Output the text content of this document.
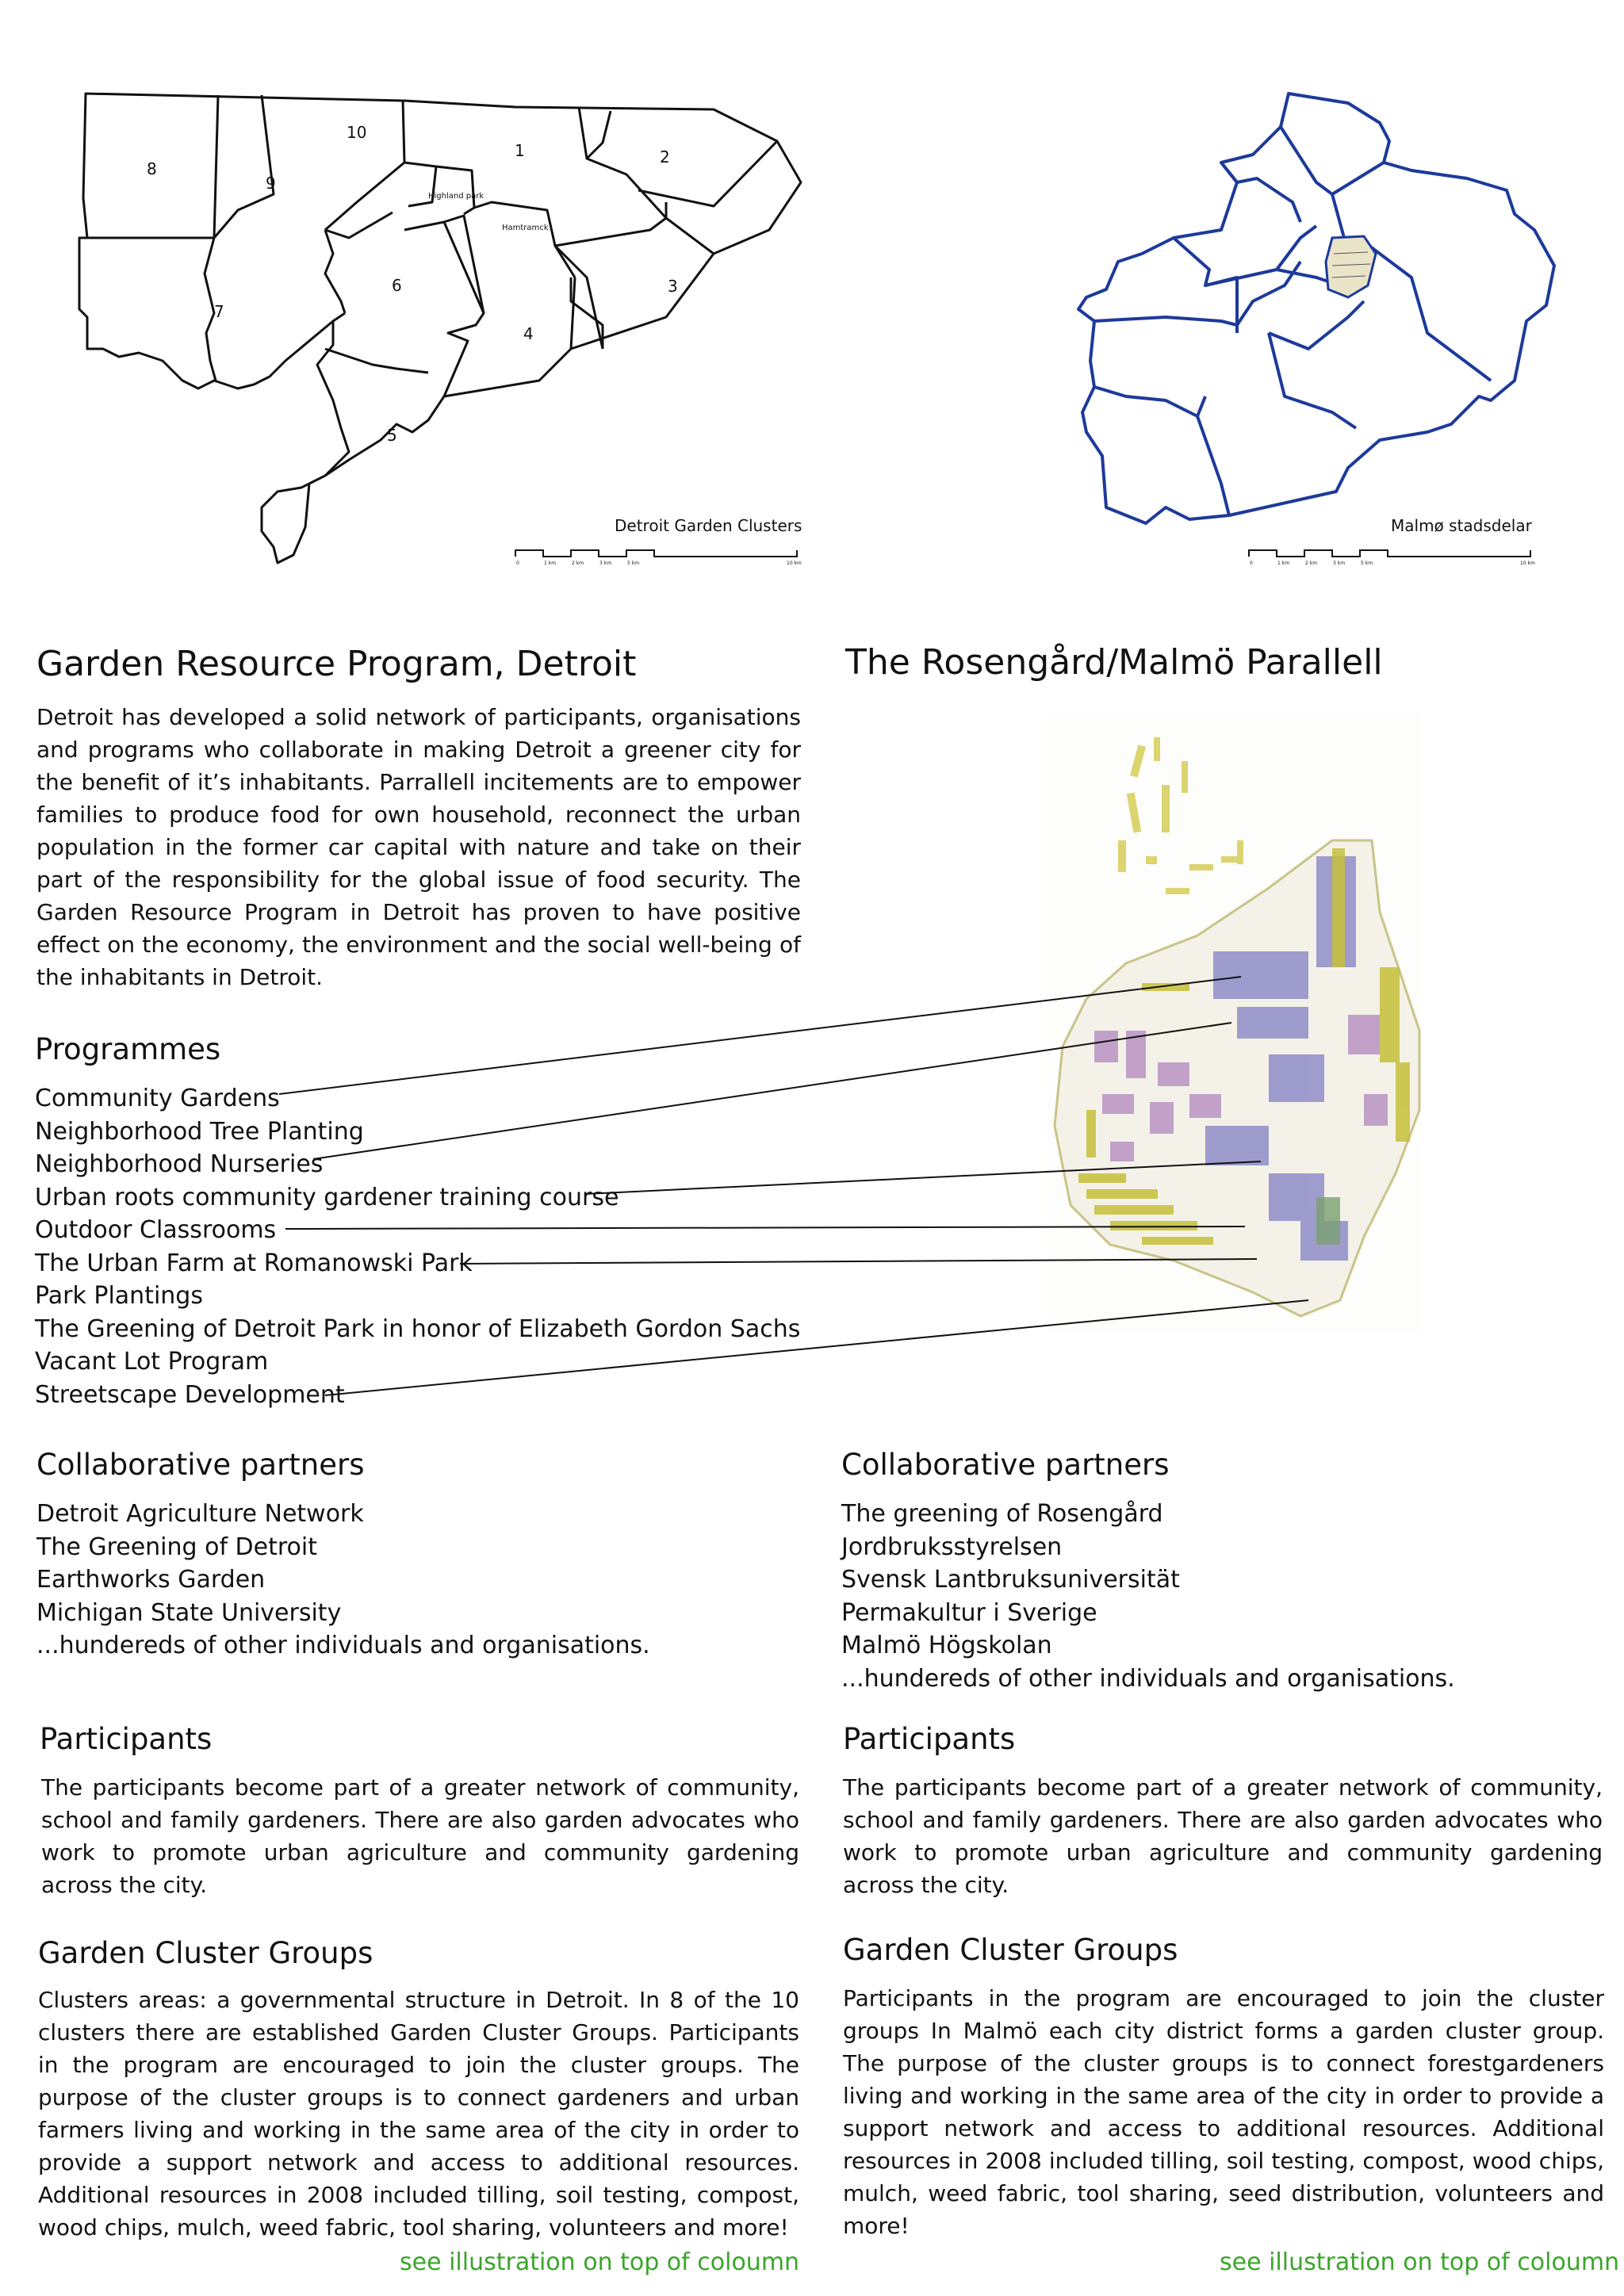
10
1	2
8
9
6	3
7
4
5
Highland park
Hamtramck
Detroit Garden Clusters
0	1 km	2 km	3 km	5 km	10 km
Malmø stadsdelar
0	1 km	2 km	3 km	5 km	10 km
Garden Resource Program, Detroit

Detroit has developed a solid network of participants, organisations and programs who collaborate in making Detroit a greener city for the benefit of it’s inhabitants. Parrallell incitements are to empower families to produce food for own household, reconnect the urban population in the former car capital with nature and take on their part of the responsibility for the global issue of food security. The Garden Resource Program in Detroit has proven to have positive effect on the economy, the environment and the social well-being of the inhabitants in Detroit.

Programmes
Community Gardens
Neighborhood Tree Planting
Neighborhood Nurseries
Urban roots community gardener training course
Outdoor Classrooms
The Urban Farm at Romanowski Park
Park Plantings
The Greening of Detroit Park in honor of Elizabeth Gordon Sachs
Vacant Lot Program
Streetscape Development
Collaborative partners
Detroit Agriculture Network
The Greening of Detroit
Earthworks Garden
Michigan State University
...hundereds of other individuals and organisations.
Participants

The participants become part of a greater network of community, school and family gardeners. There are also garden advocates who work to promote urban agriculture and community gardening across the city.

Garden Cluster Groups

Clusters areas: a governmental structure in Detroit. In 8 of the 10 clusters there are established Garden Cluster Groups. Participants in the program are encouraged to join the cluster groups. The purpose of the cluster groups is to connect gardeners and urban farmers living and working in the same area of the city in order to provide a support network and access to additional resources. Additional resources in 2008 included tilling, soil testing, compost, wood chips, mulch, weed fabric, tool sharing, volunteers and more!

see illustration on top of coloumn
The Rosengård/Malmö Parallell
Collaborative partners
The greening of Rosengård
Jordbruksstyrelsen
Svensk Lantbruksuniversität
Permakultur i Sverige
Malmö Högskolan
...hundereds of other individuals and organisations.
Participants

The participants become part of a greater network of community, school and family gardeners. There are also garden advocates who work to promote urban agriculture and community gardening across the city.

Garden Cluster Groups

Participants in the program are encouraged to join the cluster groups In Malmö each city district forms a garden cluster group. The purpose of the cluster groups is to connect forestgardeners living and working in the same area of the city in order to provide a support network and access to additional resources. Additional resources in 2008 included tilling, soil testing, compost, wood chips, mulch, weed fabric, tool sharing, seed distribution, volunteers and more!

see illustration on top of coloumn
